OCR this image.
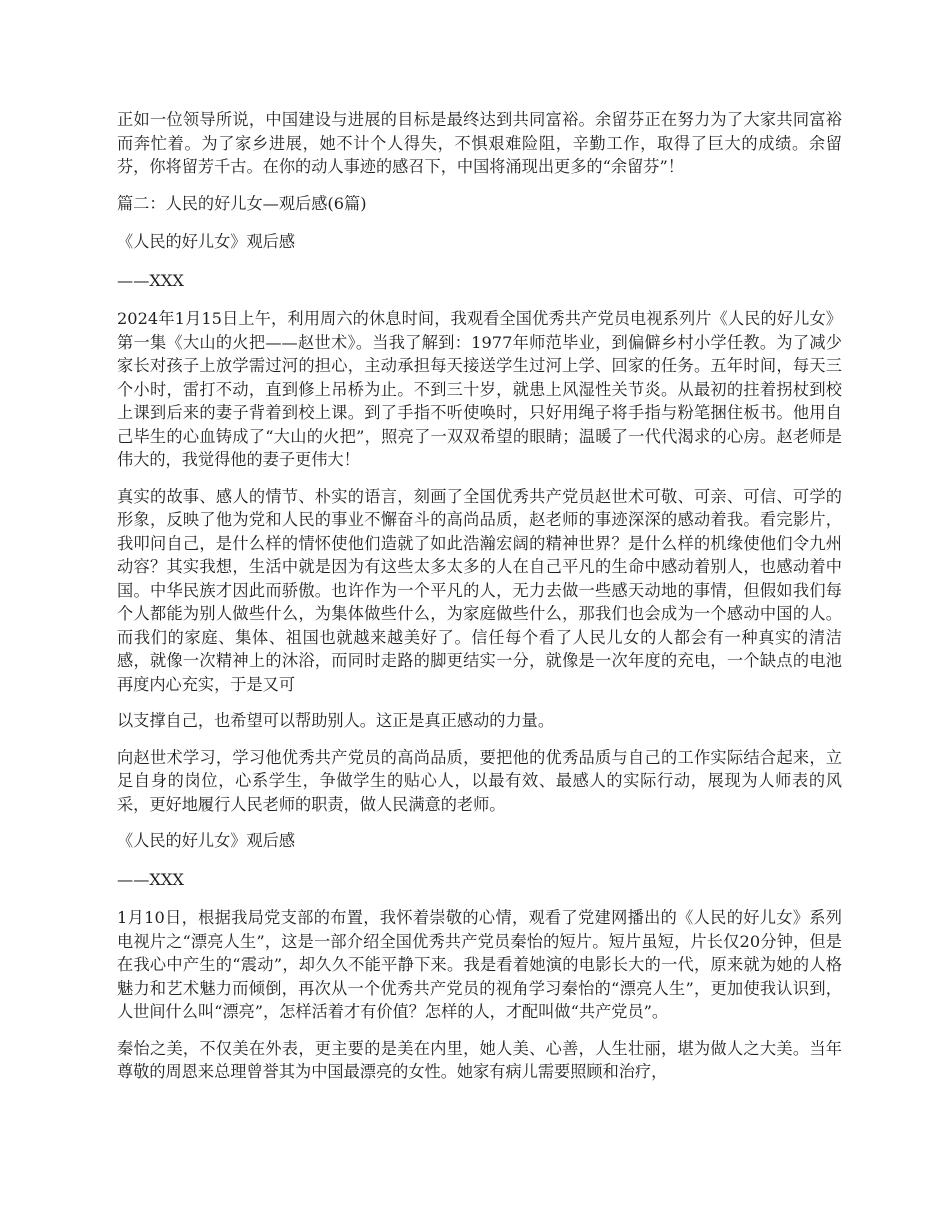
正如一位领导所说，中国建设与进展的目标是最终达到共同富裕。余留芬正在努力为了大家共同富裕而奔忙着。为了家乡进展，她不计个人得失，不惧艰难险阻，辛勤工作，取得了巨大的成绩。余留芬，你将留芳千古。在你的动人事迹的感召下，中国将涌现出更多的“余留芬”！

篇二：人民的好儿女—观后感(6篇)

《人民的好儿女》观后感

——XXX

2024年1月15日上午，利用周六的休息时间，我观看全国优秀共产党员电视系列片《人民的好儿女》第一集《大山的火把——赵世术》。当我了解到：1977年师范毕业，到偏僻乡村小学任教。为了减少家长对孩子上放学需过河的担心，主动承担每天接送学生过河上学、回家的任务。五年时间，每天三个小时，雷打不动，直到修上吊桥为止。不到三十岁，就患上风湿性关节炎。从最初的拄着拐杖到校上课到后来的妻子背着到校上课。到了手指不听使唤时，只好用绳子将手指与粉笔捆住板书。他用自己毕生的心血铸成了“大山的火把”，照亮了一双双希望的眼睛；温暖了一代代渴求的心房。赵老师是伟大的，我觉得他的妻子更伟大！

真实的故事、感人的情节、朴实的语言，刻画了全国优秀共产党员赵世术可敬、可亲、可信、可学的形象，反映了他为党和人民的事业不懈奋斗的高尚品质，赵老师的事迹深深的感动着我。看完影片，我叩问自己，是什么样的情怀使他们造就了如此浩瀚宏阔的精神世界？是什么样的机缘使他们令九州动容？其实我想，生活中就是因为有这些太多太多的人在自己平凡的生命中感动着别人，也感动着中国。中华民族才因此而骄傲。也许作为一个平凡的人，无力去做一些感天动地的事情，但假如我们每个人都能为别人做些什么，为集体做些什么，为家庭做些什么，那我们也会成为一个感动中国的人。而我们的家庭、集体、祖国也就越来越美好了。信任每个看了人民儿女的人都会有一种真实的清洁感，就像一次精神上的沐浴，而同时走路的脚更结实一分，就像是一次年度的充电，一个缺点的电池再度内心充实，于是又可

以支撑自己，也希望可以帮助别人。这正是真正感动的力量。

向赵世术学习，学习他优秀共产党员的高尚品质，要把他的优秀品质与自己的工作实际结合起来，立足自身的岗位，心系学生，争做学生的贴心人，以最有效、最感人的实际行动，展现为人师表的风采，更好地履行人民老师的职责，做人民满意的老师。

《人民的好儿女》观后感

——XXX

1月10日，根据我局党支部的布置，我怀着崇敬的心情，观看了党建网播出的《人民的好儿女》系列电视片之“漂亮人生”，这是一部介绍全国优秀共产党员秦怡的短片。短片虽短，片长仅20分钟，但是在我心中产生的“震动”，却久久不能平静下来。我是看着她演的电影长大的一代，原来就为她的人格魅力和艺术魅力而倾倒，再次从一个优秀共产党员的视角学习秦怡的“漂亮人生”，更加使我认识到，人世间什么叫“漂亮”，怎样活着才有价值？怎样的人，才配叫做“共产党员”。

秦怡之美，不仅美在外表，更主要的是美在内里，她人美、心善，人生壮丽，堪为做人之大美。当年尊敬的周恩来总理曾誉其为中国最漂亮的女性。她家有病儿需要照顾和治疗，
